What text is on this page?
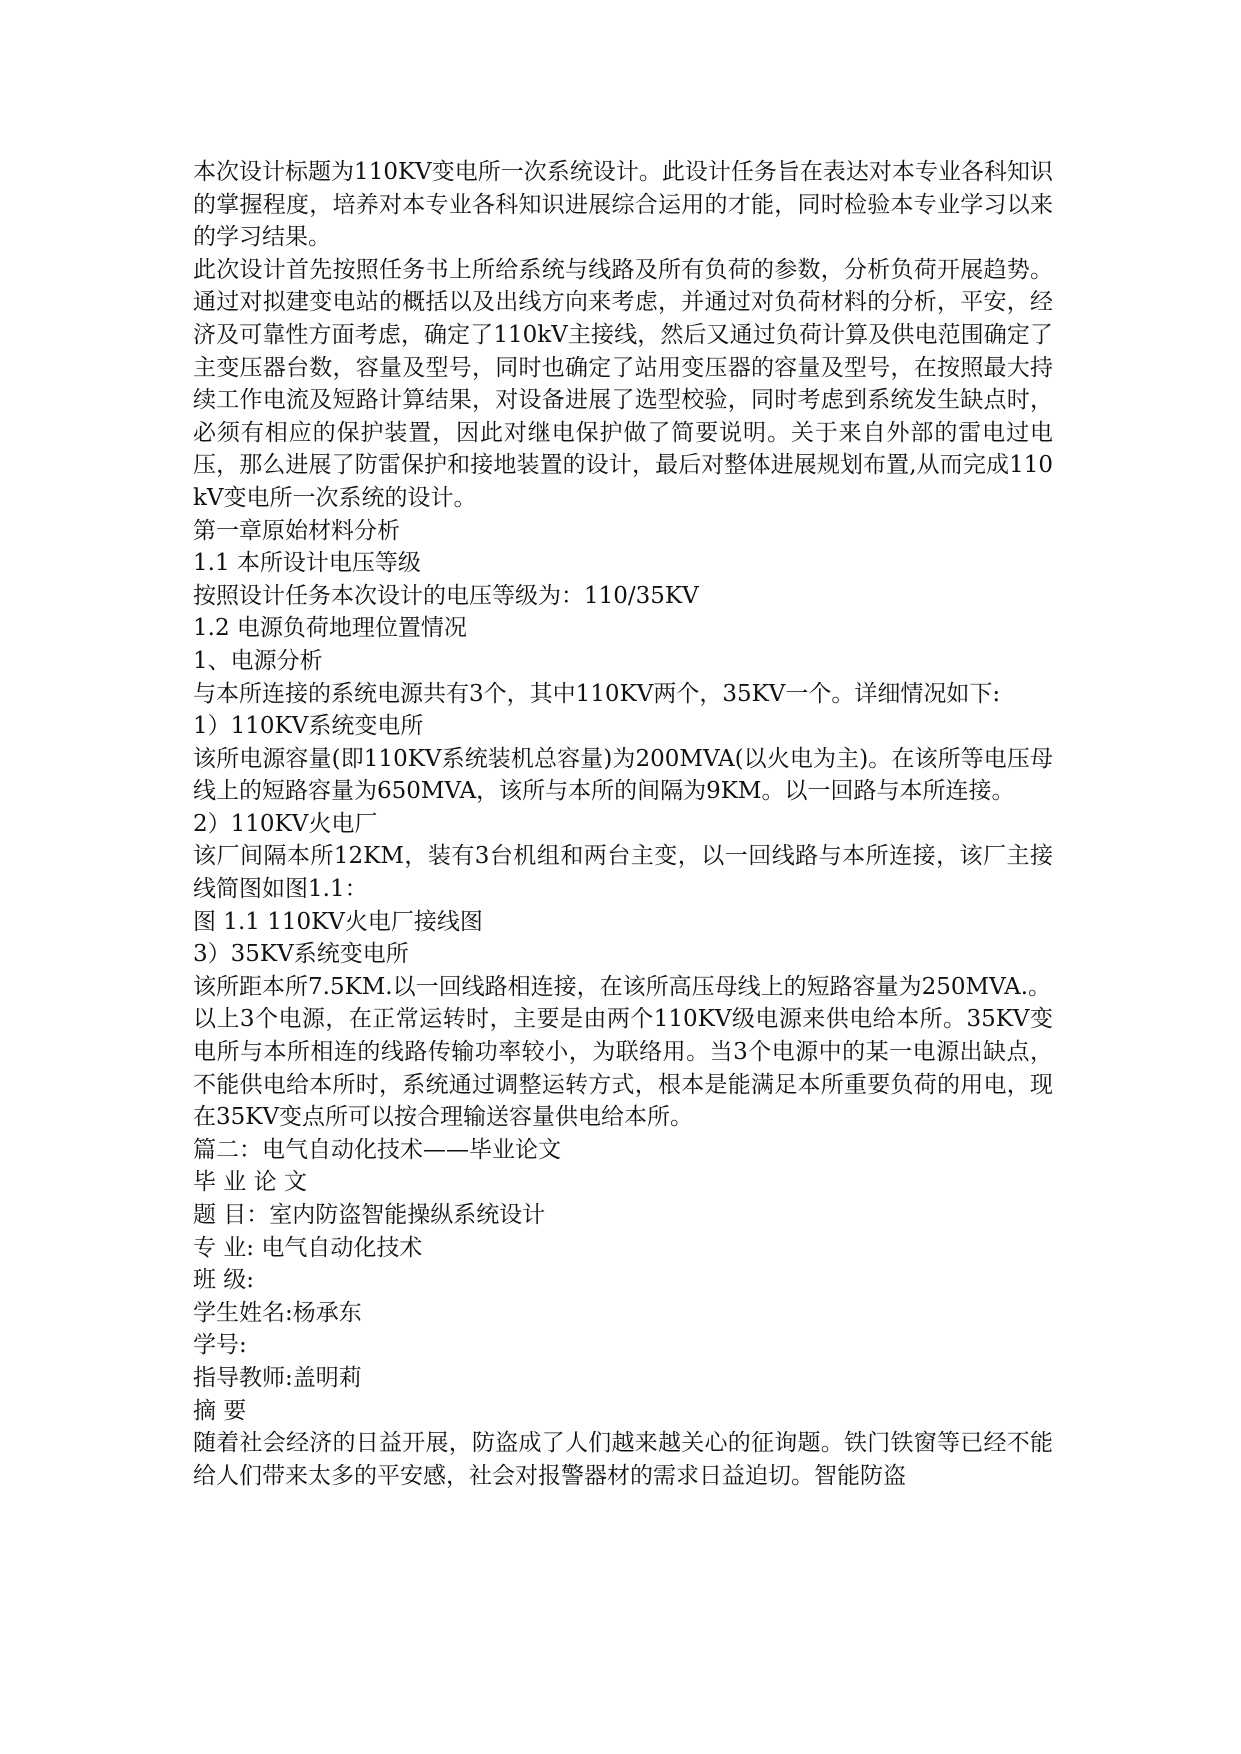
本次设计标题为110KV变电所一次系统设计。此设计任务旨在表达对本专业各科知识的掌握程度，培养对本专业各科知识进展综合运用的才能，同时检验本专业学习以来的学习结果。

此次设计首先按照任务书上所给系统与线路及所有负荷的参数，分析负荷开展趋势。通过对拟建变电站的概括以及出线方向来考虑，并通过对负荷材料的分析，平安，经济及可靠性方面考虑，确定了110kV主接线，然后又通过负荷计算及供电范围确定了主变压器台数，容量及型号，同时也确定了站用变压器的容量及型号，在按照最大持续工作电流及短路计算结果，对设备进展了选型校验，同时考虑到系统发生缺点时，必须有相应的保护装置，因此对继电保护做了简要说明。关于来自外部的雷电过电压，那么进展了防雷保护和接地装置的设计，最后对整体进展规划布置,从而完成110kV变电所一次系统的设计。

第一章原始材料分析

1.1 本所设计电压等级

按照设计任务本次设计的电压等级为：110/35KV

1.2 电源负荷地理位置情况

1、电源分析

与本所连接的系统电源共有3个，其中110KV两个，35KV一个。详细情况如下:

1）110KV系统变电所

该所电源容量(即110KV系统装机总容量)为200MVA(以火电为主)。在该所等电压母线上的短路容量为650MVA，该所与本所的间隔为9KM。以一回路与本所连接。

2）110KV火电厂

该厂间隔本所12KM，装有3台机组和两台主变，以一回线路与本所连接，该厂主接线简图如图1.1：

图 1.1 110KV火电厂接线图

3）35KV系统变电所

该所距本所7.5KM.以一回线路相连接，在该所高压母线上的短路容量为250MVA.。

以上3个电源，在正常运转时，主要是由两个110KV级电源来供电给本所。35KV变电所与本所相连的线路传输功率较小，为联络用。当3个电源中的某一电源出缺点，不能供电给本所时，系统通过调整运转方式，根本是能满足本所重要负荷的用电，现在35KV变点所可以按合理输送容量供电给本所。

篇二：电气自动化技术——毕业论文

毕 业 论 文

题 目：室内防盗智能操纵系统设计

专 业: 电气自动化技术

班 级:

学生姓名:杨承东

学号:

指导教师:盖明莉

摘 要

随着社会经济的日益开展，防盗成了人们越来越关心的征询题。铁门铁窗等已经不能给人们带来太多的平安感，社会对报警器材的需求日益迫切。智能防盗
